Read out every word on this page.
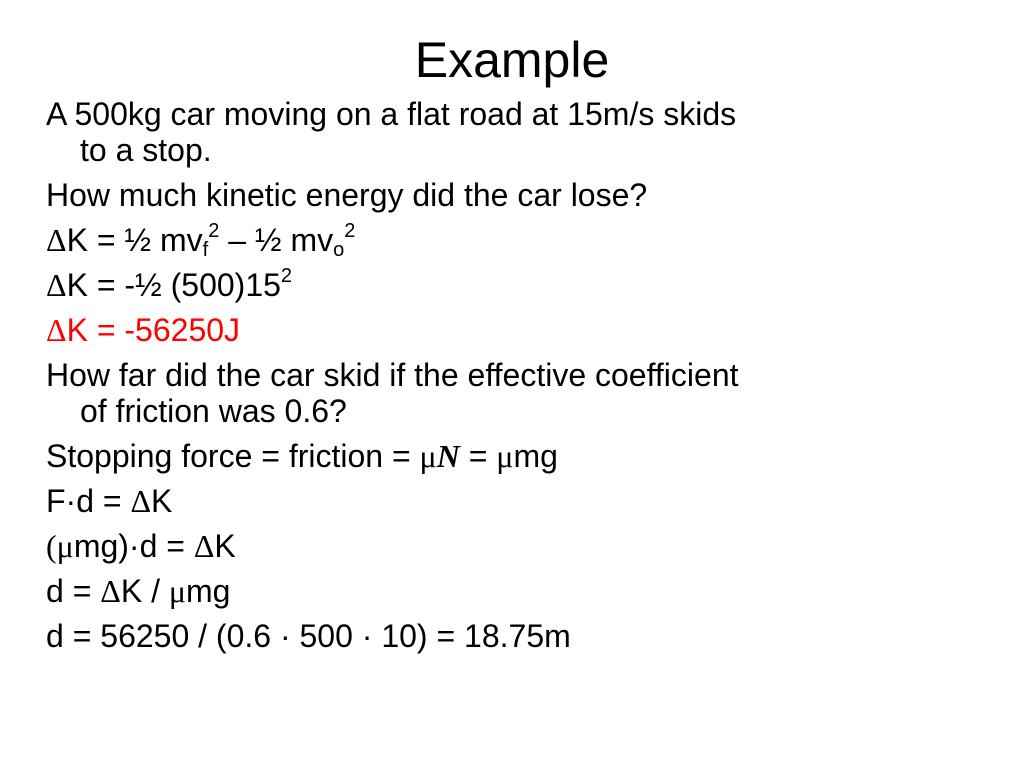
Example
A 500kg car moving on a flat road at 15m/s skids
to a stop.
How much kinetic energy did the car lose?
ΔK = ½ $mv_f^2$ – ½ $mv_o^2$
ΔK = -½ $(500)15^2$
ΔK = -56250J
How far did the car skid if the effective coefficient
of friction was 0.6?
Stopping force = friction = μN = μmg
F·d = ΔK
(μmg)·d = ΔK
d = ΔK / μmg
d = 56250 / (0.6 · 500 · 10) = 18.75m
